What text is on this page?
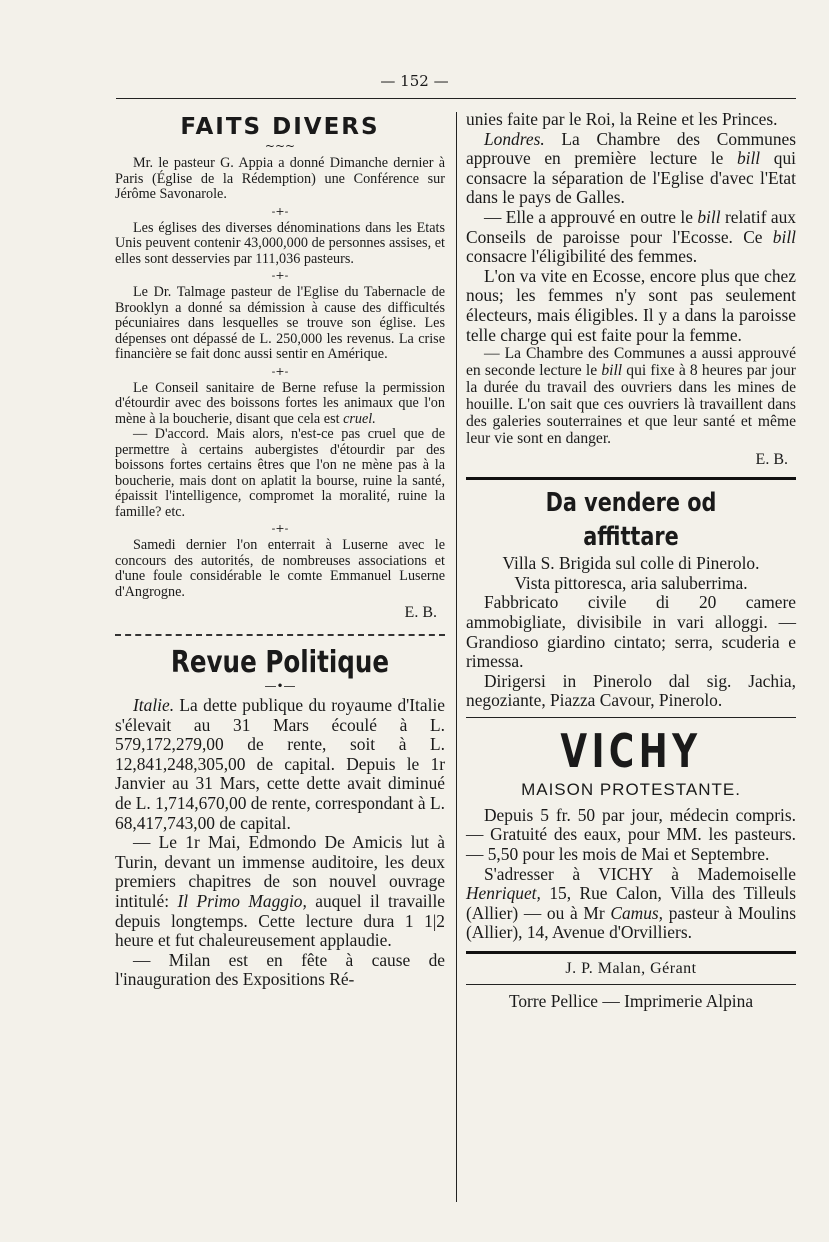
— 152 —
FAITS DIVERS
~~~

Mr. le pasteur G. Appia a donné Dimanche dernier à Paris (Église de la Rédemption) une Conférence sur Jérôme Savonarole.

-+-

Les églises des diverses dénominations dans les Etats Unis peuvent contenir 43,000,000 de personnes assises, et elles sont desservies par 111,036 pasteurs.

-+-

Le Dr. Talmage pasteur de l'Eglise du Tabernacle de Brooklyn a donné sa démission à cause des difficultés pécuniaires dans lesquelles se trouve son église. Les dépenses ont dépassé de L. 250,000 les revenus. La crise financière se fait donc aussi sentir en Amérique.

-+-

Le Conseil sanitaire de Berne refuse la permission d'étourdir avec des boissons fortes les animaux que l'on mène à la boucherie, disant que cela est cruel.

— D'accord. Mais alors, n'est-ce pas cruel que de permettre à certains aubergistes d'étourdir par des boissons fortes certains êtres que l'on ne mène pas à la boucherie, mais dont on aplatit la bourse, ruine la santé, épaissit l'intelligence, compromet la moralité, ruine la famille? etc.

-+-

Samedi dernier l'on enterrait à Luserne avec le concours des autorités, de nombreuses associations et d'une foule considérable le comte Emmanuel Luserne d'Angrogne.

E. B.
Revue Politique
—•—

Italie. La dette publique du royaume d'Italie s'élevait au 31 Mars écoulé à L. 579,172,279,00 de rente, soit à L. 12,841,248,305,00 de capital. Depuis le 1r Janvier au 31 Mars, cette dette avait diminué de L. 1,714,670,00 de rente, correspondant à L. 68,417,743,00 de capital.

— Le 1r Mai, Edmondo De Amicis lut à Turin, devant un immense auditoire, les deux premiers chapitres de son nouvel ouvrage intitulé: Il Primo Maggio, auquel il travaille depuis longtemps. Cette lecture dura 1 1|2 heure et fut chaleureusement applaudie.

— Milan est en fête à cause de l'inauguration des Expositions Ré-

unies faite par le Roi, la Reine et les Princes.

Londres. La Chambre des Communes approuve en première lecture le bill qui consacre la séparation de l'Eglise d'avec l'Etat dans le pays de Galles.

— Elle a approuvé en outre le bill relatif aux Conseils de paroisse pour l'Ecosse. Ce bill consacre l'éligibilité des femmes.

L'on va vite en Ecosse, encore plus que chez nous; les femmes n'y sont pas seulement électeurs, mais éligibles. Il y a dans la paroisse telle charge qui est faite pour la femme.

— La Chambre des Communes a aussi approuvé en seconde lecture le bill qui fixe à 8 heures par jour la durée du travail des ouvriers dans les mines de houille. L'on sait que ces ouvriers là travaillent dans des galeries souterraines et que leur santé et même leur vie sont en danger.

E. B.
Da vendere od affittare

Villa S. Brigida sul colle di Pinerolo.

Vista pittoresca, aria saluberrima.

Fabbricato civile di 20 camere ammobigliate, divisibile in vari alloggi. — Grandioso giardino cintato; serra, scuderia e rimessa.

Dirigersi in Pinerolo dal sig. Jachia, negoziante, Piazza Cavour, Pinerolo.

VICHY
MAISON PROTESTANTE.

Depuis 5 fr. 50 par jour, médecin compris. — Gratuité des eaux, pour MM. les pasteurs. — 5,50 pour les mois de Mai et Septembre.

S'adresser à VICHY à Mademoiselle Henriquet, 15, Rue Calon, Villa des Tilleuls (Allier) — ou à Mr Camus, pasteur à Moulins (Allier), 14, Avenue d'Orvilliers.

J. P. Malan, Gérant
Torre Pellice — Imprimerie Alpina
